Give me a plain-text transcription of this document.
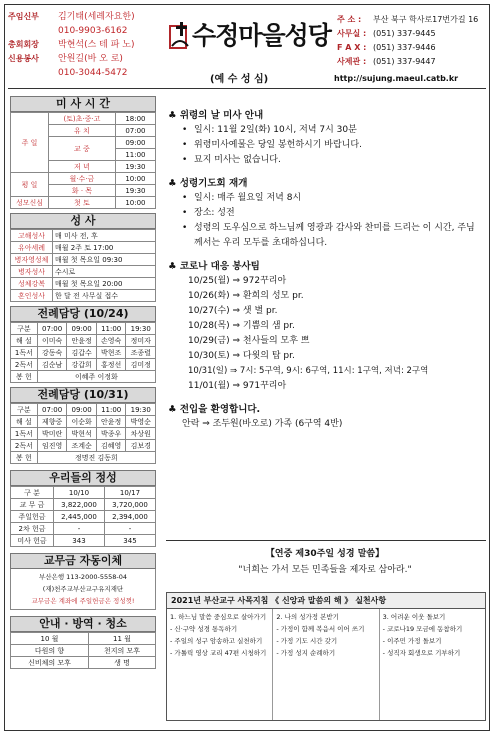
주임신부	김기태(세례자요한)
010-9903-6162
총회회장	박현석(스 테 파 노)
신용봉사	안원길(바 오 로)
010-3044-5472
수정마을성당
(예 수 성 심)
주 소 :	부산 북구 학사로17번가길 16
사무실 : (051) 337-9445
F A X : (051) 337-9446
사제관 : (051) 337-9447
http://sujung.maeul.catb.kr
미 사 시 간
주 일	(토)초·중·고	18:00
	유 치	07:00
	교 중	09:00
		11:00
	저 녁	19:30
평 일	월·수·금	10:00
	화 · 목	19:30
성모신심	첫 토	10:00
성 사
고해성사	매 미사 전, 후
유아세례	매월 2주 토 17:00
병자영성체	매월 첫 목요일 09:30
병자성사	수시로
성체강복	매월 첫 목요일 20:00
혼인성사	한 달 전 사무실 접수
전례담당 (10/24)
구분	07:00	09:00	11:00	19:30
해 설	이미숙	안윤정	손영숙	정미자
1독서	강동숙	김갑수	박현조	조종렬
2독서	김순남	강갑희	홍정선	김미정
봉 헌	이혜주 이정화			
전례담당 (10/31)
구분	07:00	09:00	11:00	19:30
해 설	제향중	이순화	안윤정	박영순
1독서	박미란	박현석	박종우	차상원
2독서	임진영	조계순	김혜영	김보경
봉 헌	정명진 김동희			
우리들의 정성
구 분	10/10	10/17
교 무 금	3,822,000	3,720,000
주일헌금	2,445,000	2,394,000
2차 헌금	-	-
미사 헌금	343	345
교무금 자동이체
부산은행 113-2000-5558-04
(재)천주교부산교구유지재단
교무금은 계좌에 주일헌금은 정성껏!
안내 · 방역 · 청소
10 월	11 월
다원의 향	천지의 모후
신비체의 모후	생 명
♣ 위령의 날 미사 안내
• 일시: 11월 2일(화) 10시, 저녁 7시 30분
• 위령미사예물은 당일 봉헌하시기 바랍니다.
• 묘지 미사는 없습니다.
♣ 성령기도회 재개
• 일시: 매주 월요일 저녁 8시
• 장소: 성전
• 성령의 도우심으로 하느님께 영광과 감사와 찬미를 드리는 이 시간, 주님께서는 우리 모두를 초대하십니다.
♣ 코로나 대응 봉사팀
10/25(월) ⇒ 972꾸리아
10/26(화) ⇒ 환희의 성모 pr.
10/27(수) ⇒ 샛 별 pr.
10/28(목) ⇒ 기쁨의 샘 pr.
10/29(금) ⇒ 천사들의 모후 쁘
10/30(토) ⇒ 다윗의 탑 pr.
10/31(일) ⇒ 7시: 5구역, 9시: 6구역, 11시: 1구역, 저녁: 2구역
11/01(월) ⇒ 971꾸리아
♣ 전입을 환영합니다.
안락 ⇒ 조두원(바오로) 가족 (6구역 4반)
【연중 제30주일 성경 말씀】
"너희는 가서 모든 민족들을 제자로 삼아라."
2021년 부산교구 사목지침 《 신앙과 말씀의 해 》 실천사항
1. 하느님 말씀 중심으로 살아가기
- 신·구약 성경 통독하기
- 주일의 성구 암송하고 실천하기
- 가톨릭 영상 교리 47편 시청하기
2. 나의 성가정 본받기
- 가정이 함께 복음서 이어 쓰기
- 가정 기도 시간 갖기
- 가정 성지 순례하기
3. 어려운 이웃 돌보기
- 코로나19 모금에 동참하기
- 이주민 가정 돌보기
- 성직자 회생으로 기부하기
